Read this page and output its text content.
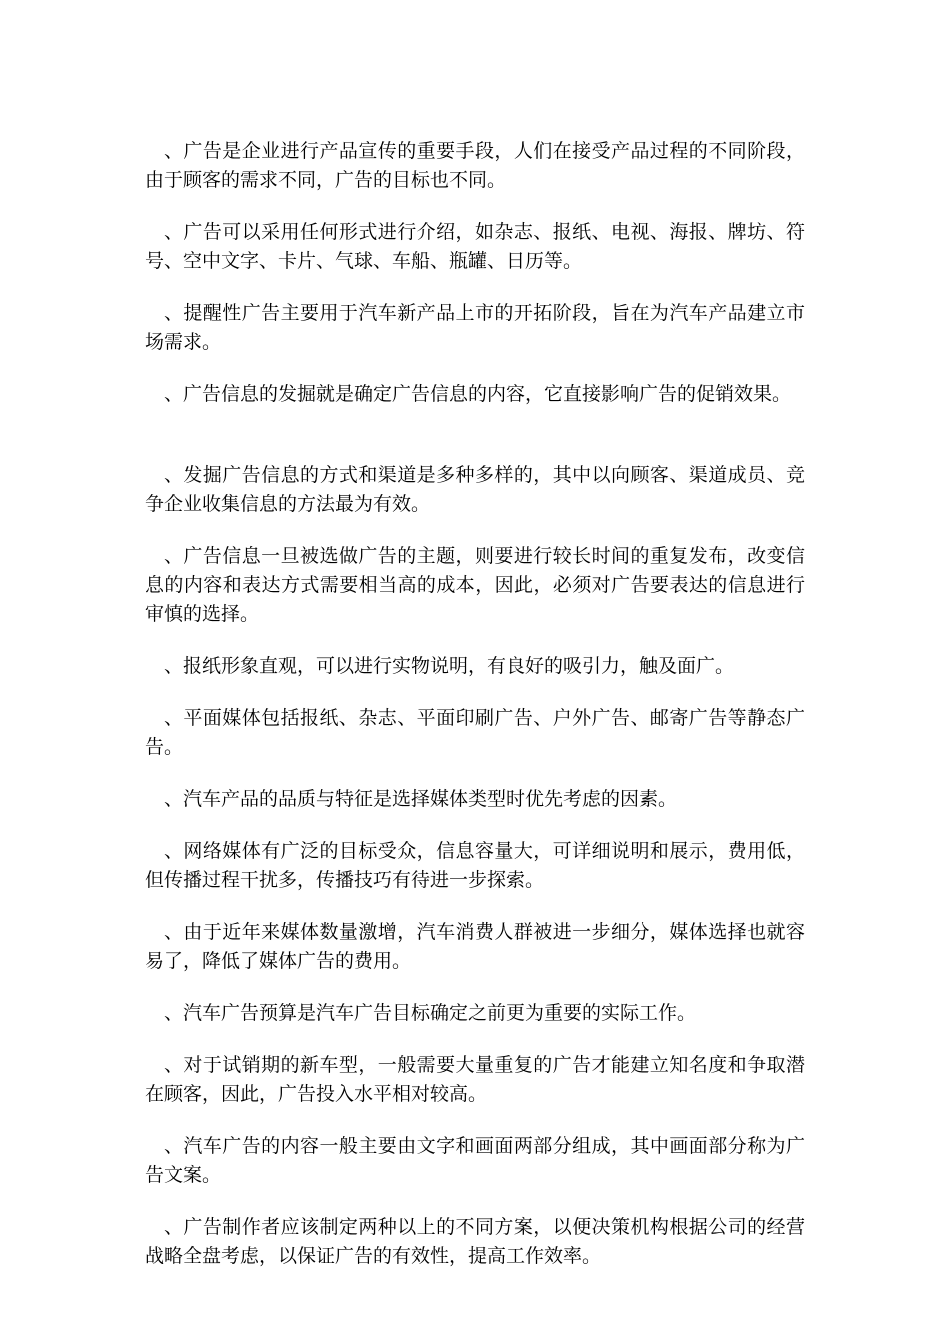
、广告是企业进行产品宣传的重要手段，人们在接受产品过程的不同阶段，由于顾客的需求不同，广告的目标也不同。

、广告可以采用任何形式进行介绍，如杂志、报纸、电视、海报、牌坊、符号、空中文字、卡片、气球、车船、瓶罐、日历等。

、提醒性广告主要用于汽车新产品上市的开拓阶段，旨在为汽车产品建立市场需求。

、广告信息的发掘就是确定广告信息的内容，它直接影响广告的促销效果。

、发掘广告信息的方式和渠道是多种多样的，其中以向顾客、渠道成员、竞争企业收集信息的方法最为有效。

、广告信息一旦被选做广告的主题，则要进行较长时间的重复发布，改变信息的内容和表达方式需要相当高的成本，因此，必须对广告要表达的信息进行审慎的选择。

、报纸形象直观，可以进行实物说明，有良好的吸引力，触及面广。

、平面媒体包括报纸、杂志、平面印刷广告、户外广告、邮寄广告等静态广告。

、汽车产品的品质与特征是选择媒体类型时优先考虑的因素。

、网络媒体有广泛的目标受众，信息容量大，可详细说明和展示，费用低，但传播过程干扰多，传播技巧有待进一步探索。

、由于近年来媒体数量激增，汽车消费人群被进一步细分，媒体选择也就容易了，降低了媒体广告的费用。

、汽车广告预算是汽车广告目标确定之前更为重要的实际工作。

、对于试销期的新车型，一般需要大量重复的广告才能建立知名度和争取潜在顾客，因此，广告投入水平相对较高。

、汽车广告的内容一般主要由文字和画面两部分组成，其中画面部分称为广告文案。

、广告制作者应该制定两种以上的不同方案，以便决策机构根据公司的经营战略全盘考虑，以保证广告的有效性，提高工作效率。
